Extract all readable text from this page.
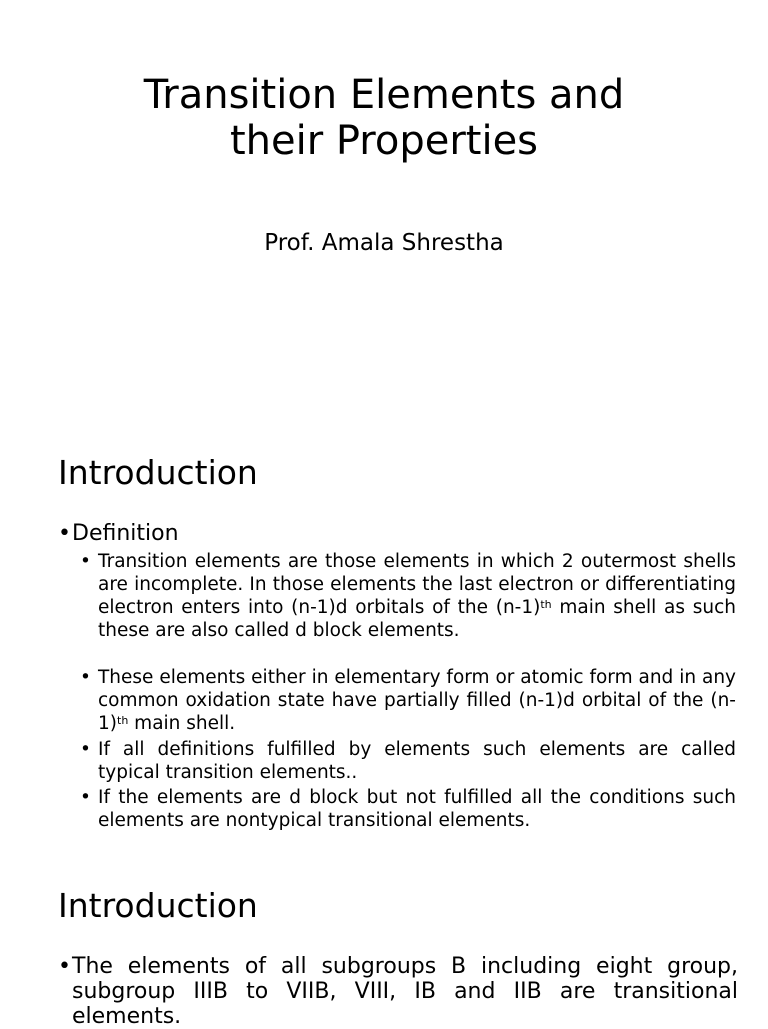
Transition Elements and
their Properties
Prof. Amala Shrestha
Introduction
• Definition
• Transition elements are those elements in which 2 outermost shells are incomplete. In those elements the last electron or differentiating electron enters into (n-1)d orbitals of the $(n-1)^{th}$ main shell as such these are also called d block elements.
• These elements either in elementary form or atomic form and in any common oxidation state have partially filled (n-1)d orbital of the $(n-1)^{th}$ main shell.
• If all definitions fulfilled by elements such elements are called typical transition elements..
• If the elements are d block but not fulfilled all the conditions such elements are nontypical transitional elements.
Introduction
• The elements of all subgroups B including eight group, subgroup IIIB to VIIB, VIII, IB and IIB are transitional elements.
